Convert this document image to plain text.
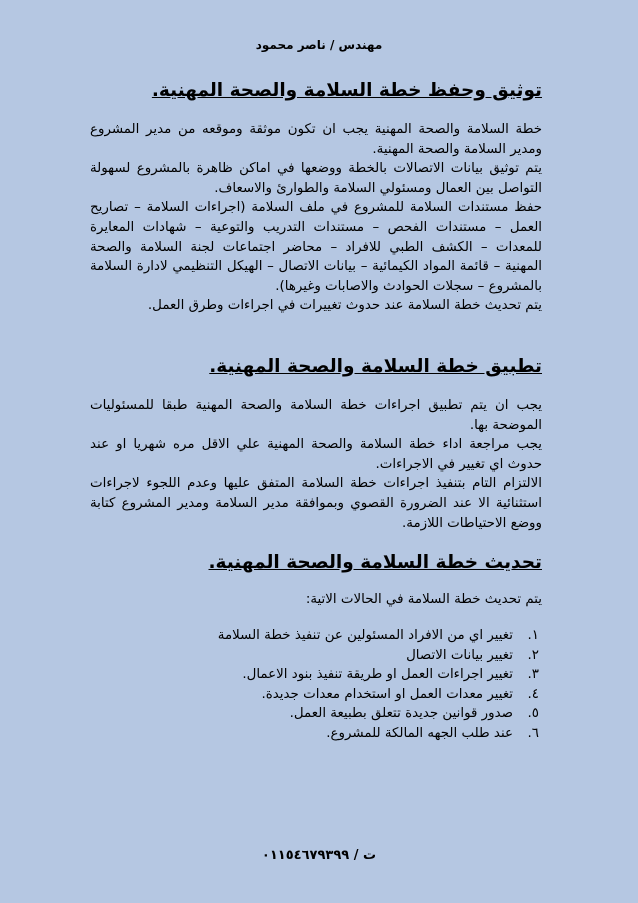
مهندس / ناصر محمود
توثيق وحفظ خطة السلامة والصحة المهنية.

خطة السلامة والصحة المهنية يجب ان تكون موثقة وموقعه من مدير المشروع ومدير السلامة والصحة المهنية.

يتم توثيق بيانات الاتصالات بالخطة ووضعها في اماكن ظاهرة بالمشروع لسهولة التواصل بين العمال ومسئولي السلامة والطوارئ والاسعاف.

حفظ مستندات السلامة للمشروع في ملف السلامة (اجراءات السلامة – تصاريح العمل – مستندات الفحص – مستندات التدريب والتوعية – شهادات المعايرة للمعدات – الكشف الطبي للافراد – محاضر اجتماعات لجنة السلامة والصحة المهنية – قائمة المواد الكيمائية – بيانات الاتصال – الهيكل التنظيمي لادارة السلامة بالمشروع – سجلات الحوادث والاصابات وغيرها).

يتم تحديث خطة السلامة عند حدوث تغييرات في اجراءات وطرق العمل.

تطبيق خطة السلامة والصحة المهنية.

يجب ان يتم تطبيق اجراءات خطة السلامة والصحة المهنية طبقا للمسئوليات الموضحة بها.

يجب مراجعة اداء خطة السلامة والصحة المهنية علي الاقل مره شهريا او عند حدوث اي تغيير في الاجراءات.

الالتزام التام بتنفيذ اجراءات خطة السلامة المتفق عليها وعدم اللجوء لاجراءات استثنائية الا عند الضرورة القصوي وبموافقة مدير السلامة ومدير المشروع كتابة ووضع الاحتياطات اللازمة.

تحديث خطة السلامة والصحة المهنية.

يتم تحديث خطة السلامة في الحالات الاتية:

١.تغيير اي من الافراد المسئولين عن تنفيذ خطة السلامة
٢.تغيير بيانات الاتصال
٣.تغيير اجراءات العمل او طريقة تنفيذ بنود الاعمال.
٤.تغيير معدات العمل او استخدام معدات جديدة.
٥.صدور قوانين جديدة تتعلق بطبيعة العمل.
٦.عند طلب الجهه المالكة للمشروع.
ت / ٠١١٥٤٦٧٩٣٩٩
